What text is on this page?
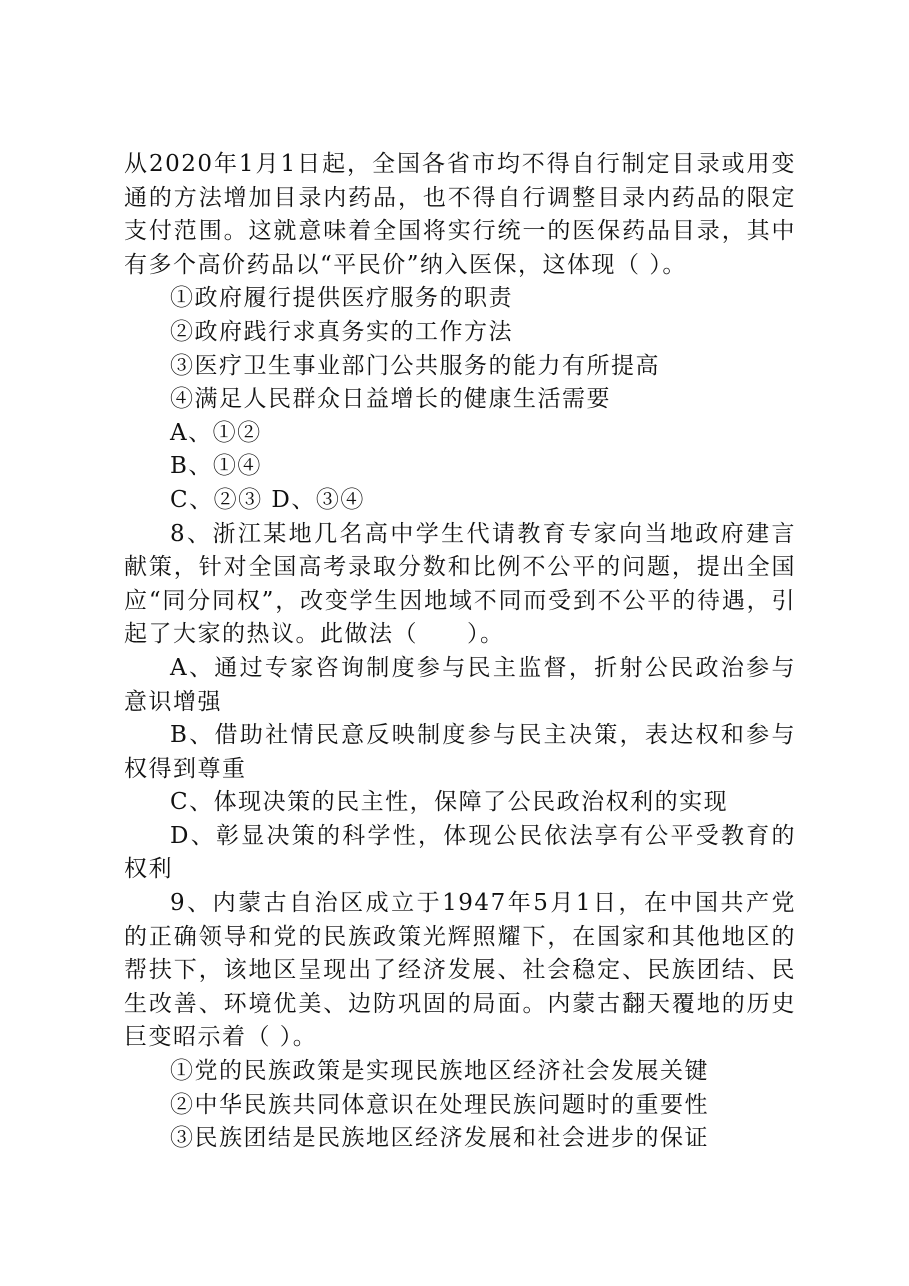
从2020年1月1日起，全国各省市均不得自行制定目录或用变通的方法增加目录内药品，也不得自行调整目录内药品的限定支付范围。这就意味着全国将实行统一的医保药品目录，其中有多个高价药品以“平民价”纳入医保，这体现（ ）。

①政府履行提供医疗服务的职责

②政府践行求真务实的工作方法

③医疗卫生事业部门公共服务的能力有所提高

④满足人民群众日益增长的健康生活需要

A、①②

B、①④

C、②③ D、③④

8、浙江某地几名高中学生代请教育专家向当地政府建言献策，针对全国高考录取分数和比例不公平的问题，提出全国应“同分同权”，改变学生因地域不同而受到不公平的待遇，引起了大家的热议。此做法（　　）。

A、通过专家咨询制度参与民主监督，折射公民政治参与意识增强

B、借助社情民意反映制度参与民主决策，表达权和参与权得到尊重

C、体现决策的民主性，保障了公民政治权利的实现

D、彰显决策的科学性，体现公民依法享有公平受教育的权利

9、内蒙古自治区成立于1947年5月1日，在中国共产党的正确领导和党的民族政策光辉照耀下，在国家和其他地区的帮扶下，该地区呈现出了经济发展、社会稳定、民族团结、民生改善、环境优美、边防巩固的局面。内蒙古翻天覆地的历史巨变昭示着（ ）。

①党的民族政策是实现民族地区经济社会发展关键

②中华民族共同体意识在处理民族问题时的重要性

③民族团结是民族地区经济发展和社会进步的保证
